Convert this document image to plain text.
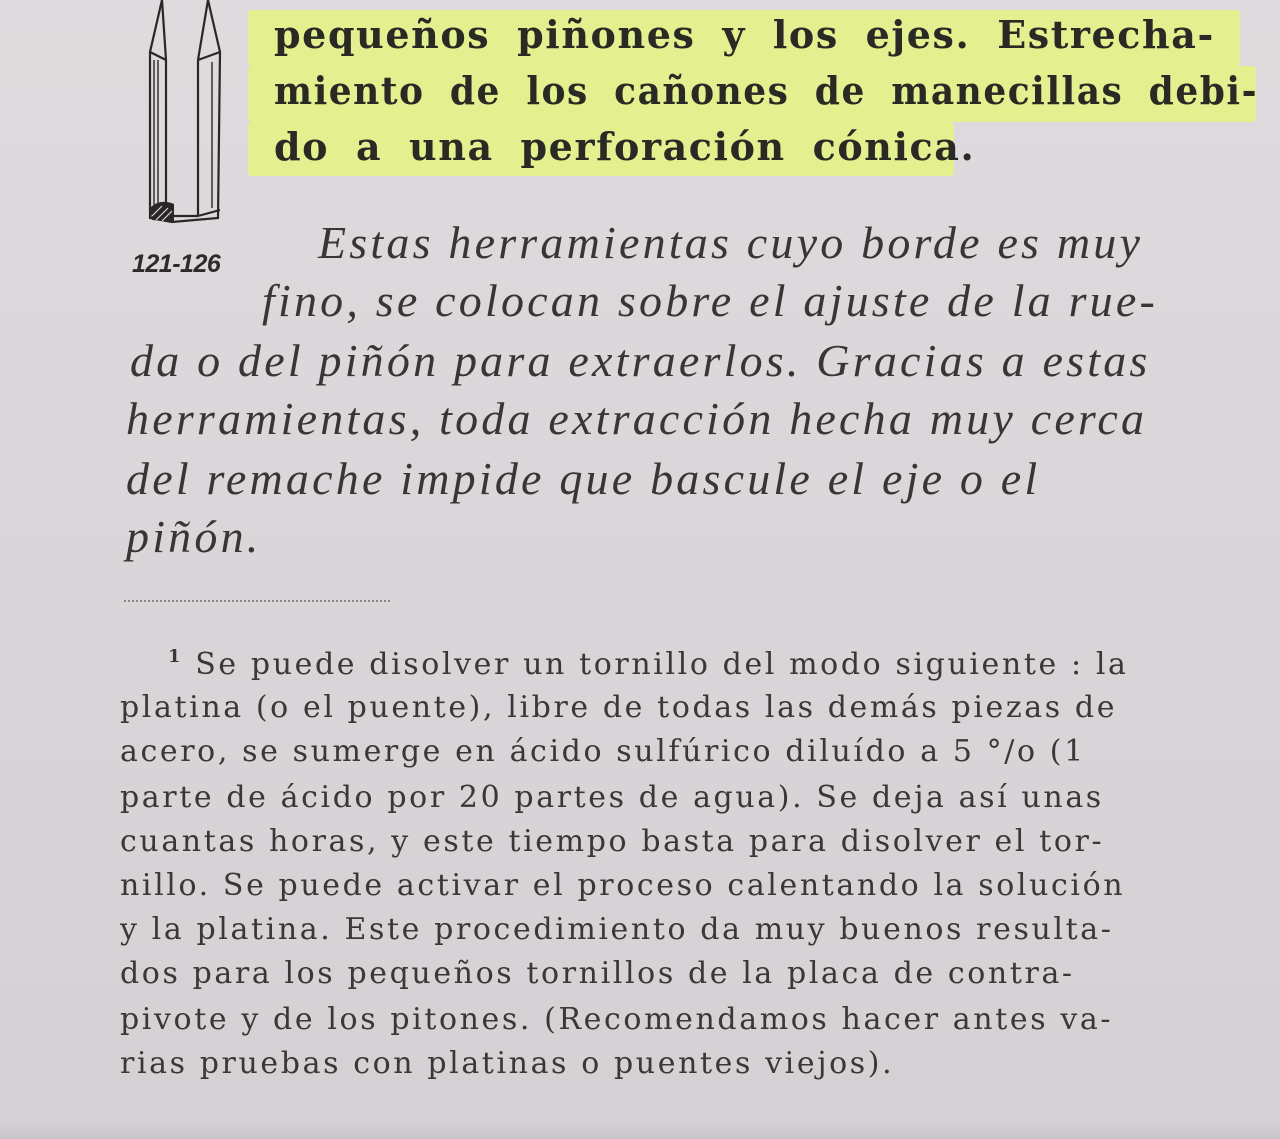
121-126
pequeños piñones y los ejes. Estrecha-
miento de los cañones de manecillas debi-
do a una perforación cónica.
Estas herramientas cuyo borde es muy
fino, se colocan sobre el ajuste de la rue-
da o del piñón para extraerlos. Gracias a estas
herramientas, toda extracción hecha muy cerca
del remache impide que bascule el eje o el
piñón.
$^1$ Se puede disolver un tornillo del modo siguiente : la
platina (o el puente), libre de todas las demás piezas de
acero, se sumerge en ácido sulfúrico diluído a 5 °/o (1
parte de ácido por 20 partes de agua). Se deja así unas
cuantas horas, y este tiempo basta para disolver el tor-
nillo. Se puede activar el proceso calentando la solución
y la platina. Este procedimiento da muy buenos resulta-
dos para los pequeños tornillos de la placa de contra-
pivote y de los pitones. (Recomendamos hacer antes va-
rias pruebas con platinas o puentes viejos).
